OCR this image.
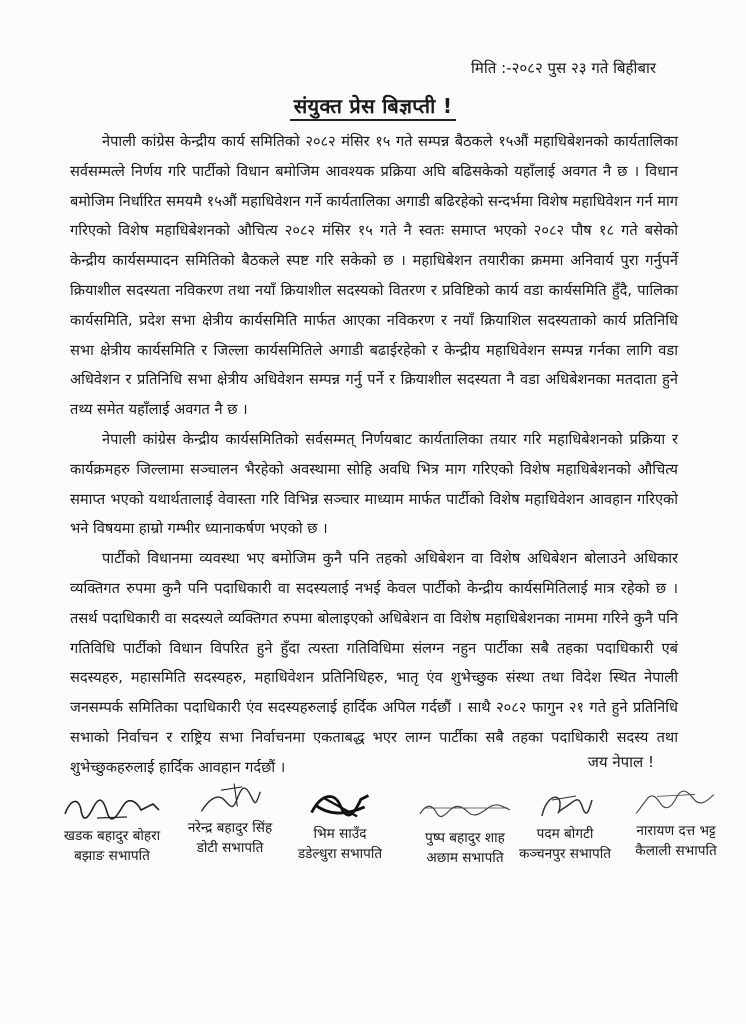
मिति :-२०८२ पुस २३ गते बिहीबार
संयुक्त प्रेस बिज्ञप्ती !

नेपाली कांग्रेस केन्द्रीय कार्य समितिको २०८२ मंसिर १५ गते सम्पन्न बैठकले १५औं महाधिबेशनको कार्यतालिका सर्वसम्मत्ले निर्णय गरि पार्टीको विधान बमोजिम आवश्यक प्रक्रिया अघि बढिसकेको यहाँलाई अवगत नै छ । विधान बमोजिम निर्धारित समयमै १५औं महाधिवेशन गर्ने कार्यतालिका अगाडी बढिरहेको सन्दर्भमा विशेष महाधिवेशन गर्न माग गरिएको विशेष महाधिबेशनको औचित्य २०८२ मंसिर १५ गते नै स्वतः समाप्त भएको २०८२ पौष १८ गते बसेको केन्द्रीय कार्यसम्पादन समितिको बैठकले स्पष्ट गरि सकेको छ । महाधिबेशन तयारीका क्रममा अनिवार्य पुरा गर्नुपर्ने क्रियाशील सदस्यता नविकरण तथा नयाँ क्रियाशील सदस्यको वितरण र प्रविष्टिको कार्य वडा कार्यसमिति हुँदै, पालिका कार्यसमिति, प्रदेश सभा क्षेत्रीय कार्यसमिति मार्फत आएका नविकरण र नयाँ क्रियाशिल सदस्यताको कार्य प्रतिनिधि सभा क्षेत्रीय कार्यसमिति र जिल्ला कार्यसमितिले अगाडी बढाईरहेको र केन्द्रीय महाधिवेशन सम्पन्न गर्नका लागि वडा अधिवेशन र प्रतिनिधि सभा क्षेत्रीय अधिवेशन सम्पन्न गर्नु पर्ने र क्रियाशील सदस्यता नै वडा अधिबेशनका मतदाता हुने तथ्य समेत यहाँलाई अवगत नै छ ।

नेपाली कांग्रेस केन्द्रीय कार्यसमितिको सर्वसम्मत् निर्णयबाट कार्यतालिका तयार गरि महाधिबेशनको प्रक्रिया र कार्यक्रमहरु जिल्लामा सञ्चालन भैरहेको अवस्थामा सोहि अवधि भित्र माग गरिएको विशेष महाधिबेशनको औचित्य समाप्त भएको यथार्थतालाई वेवास्ता गरि विभिन्न सञ्चार माध्याम मार्फत पार्टीको विशेष महाधिवेशन आवहान गरिएको भने विषयमा हाम्रो गम्भीर ध्यानाकर्षण भएको छ ।

पार्टीको विधानमा व्यवस्था भए बमोजिम कुनै पनि तहको अधिबेशन वा विशेष अधिबेशन बोलाउने अधिकार व्यक्तिगत रुपमा कुनै पनि पदाधिकारी वा सदस्यलाई नभई केवल पार्टीको केन्द्रीय कार्यसमितिलाई मात्र रहेको छ । तसर्थ पदाधिकारी वा सदस्यले व्यक्तिगत रुपमा बोलाइएको अधिबेशन वा विशेष महाधिबेशनका नाममा गरिने कुनै पनि गतिविधि पार्टीको विधान विपरित हुने हुँदा त्यस्ता गतिविधिमा संलग्न नहुन पार्टीका सबै तहका पदाधिकारी एबं सदस्यहरु, महासमिति सदस्यहरु, महाधिवेशन प्रतिनिधिहरु, भातृ एंव शुभेच्छुक संस्था तथा विदेश स्थित नेपाली जनसम्पर्क समितिका पदाधिकारी एंव सदस्यहरुलाई हार्दिक अपिल गर्दछौं । साथै २०८२ फागुन २१ गते हुने प्रतिनिधि सभाको निर्वाचन र राष्ट्रिय सभा निर्वाचनमा एकताबद्ध भएर लाग्न पार्टीका सबै तहका पदाधिकारी सदस्य तथा शुभेच्छुकहरुलाई हार्दिक आवहान गर्दछौं ।	जय नेपाल !
खडक बहादुर बोहरा
बझाङ सभापति
नरेन्द्र बहादुर सिंह
डोटी सभापति
भिम साउँद
डडेल्धुरा सभापति
पुष्प बहादुर शाह
अछाम सभापति
पदम बोगटी
कञ्चनपुर सभापति
नारायण दत्त भट्ट
कैलाली सभापति
